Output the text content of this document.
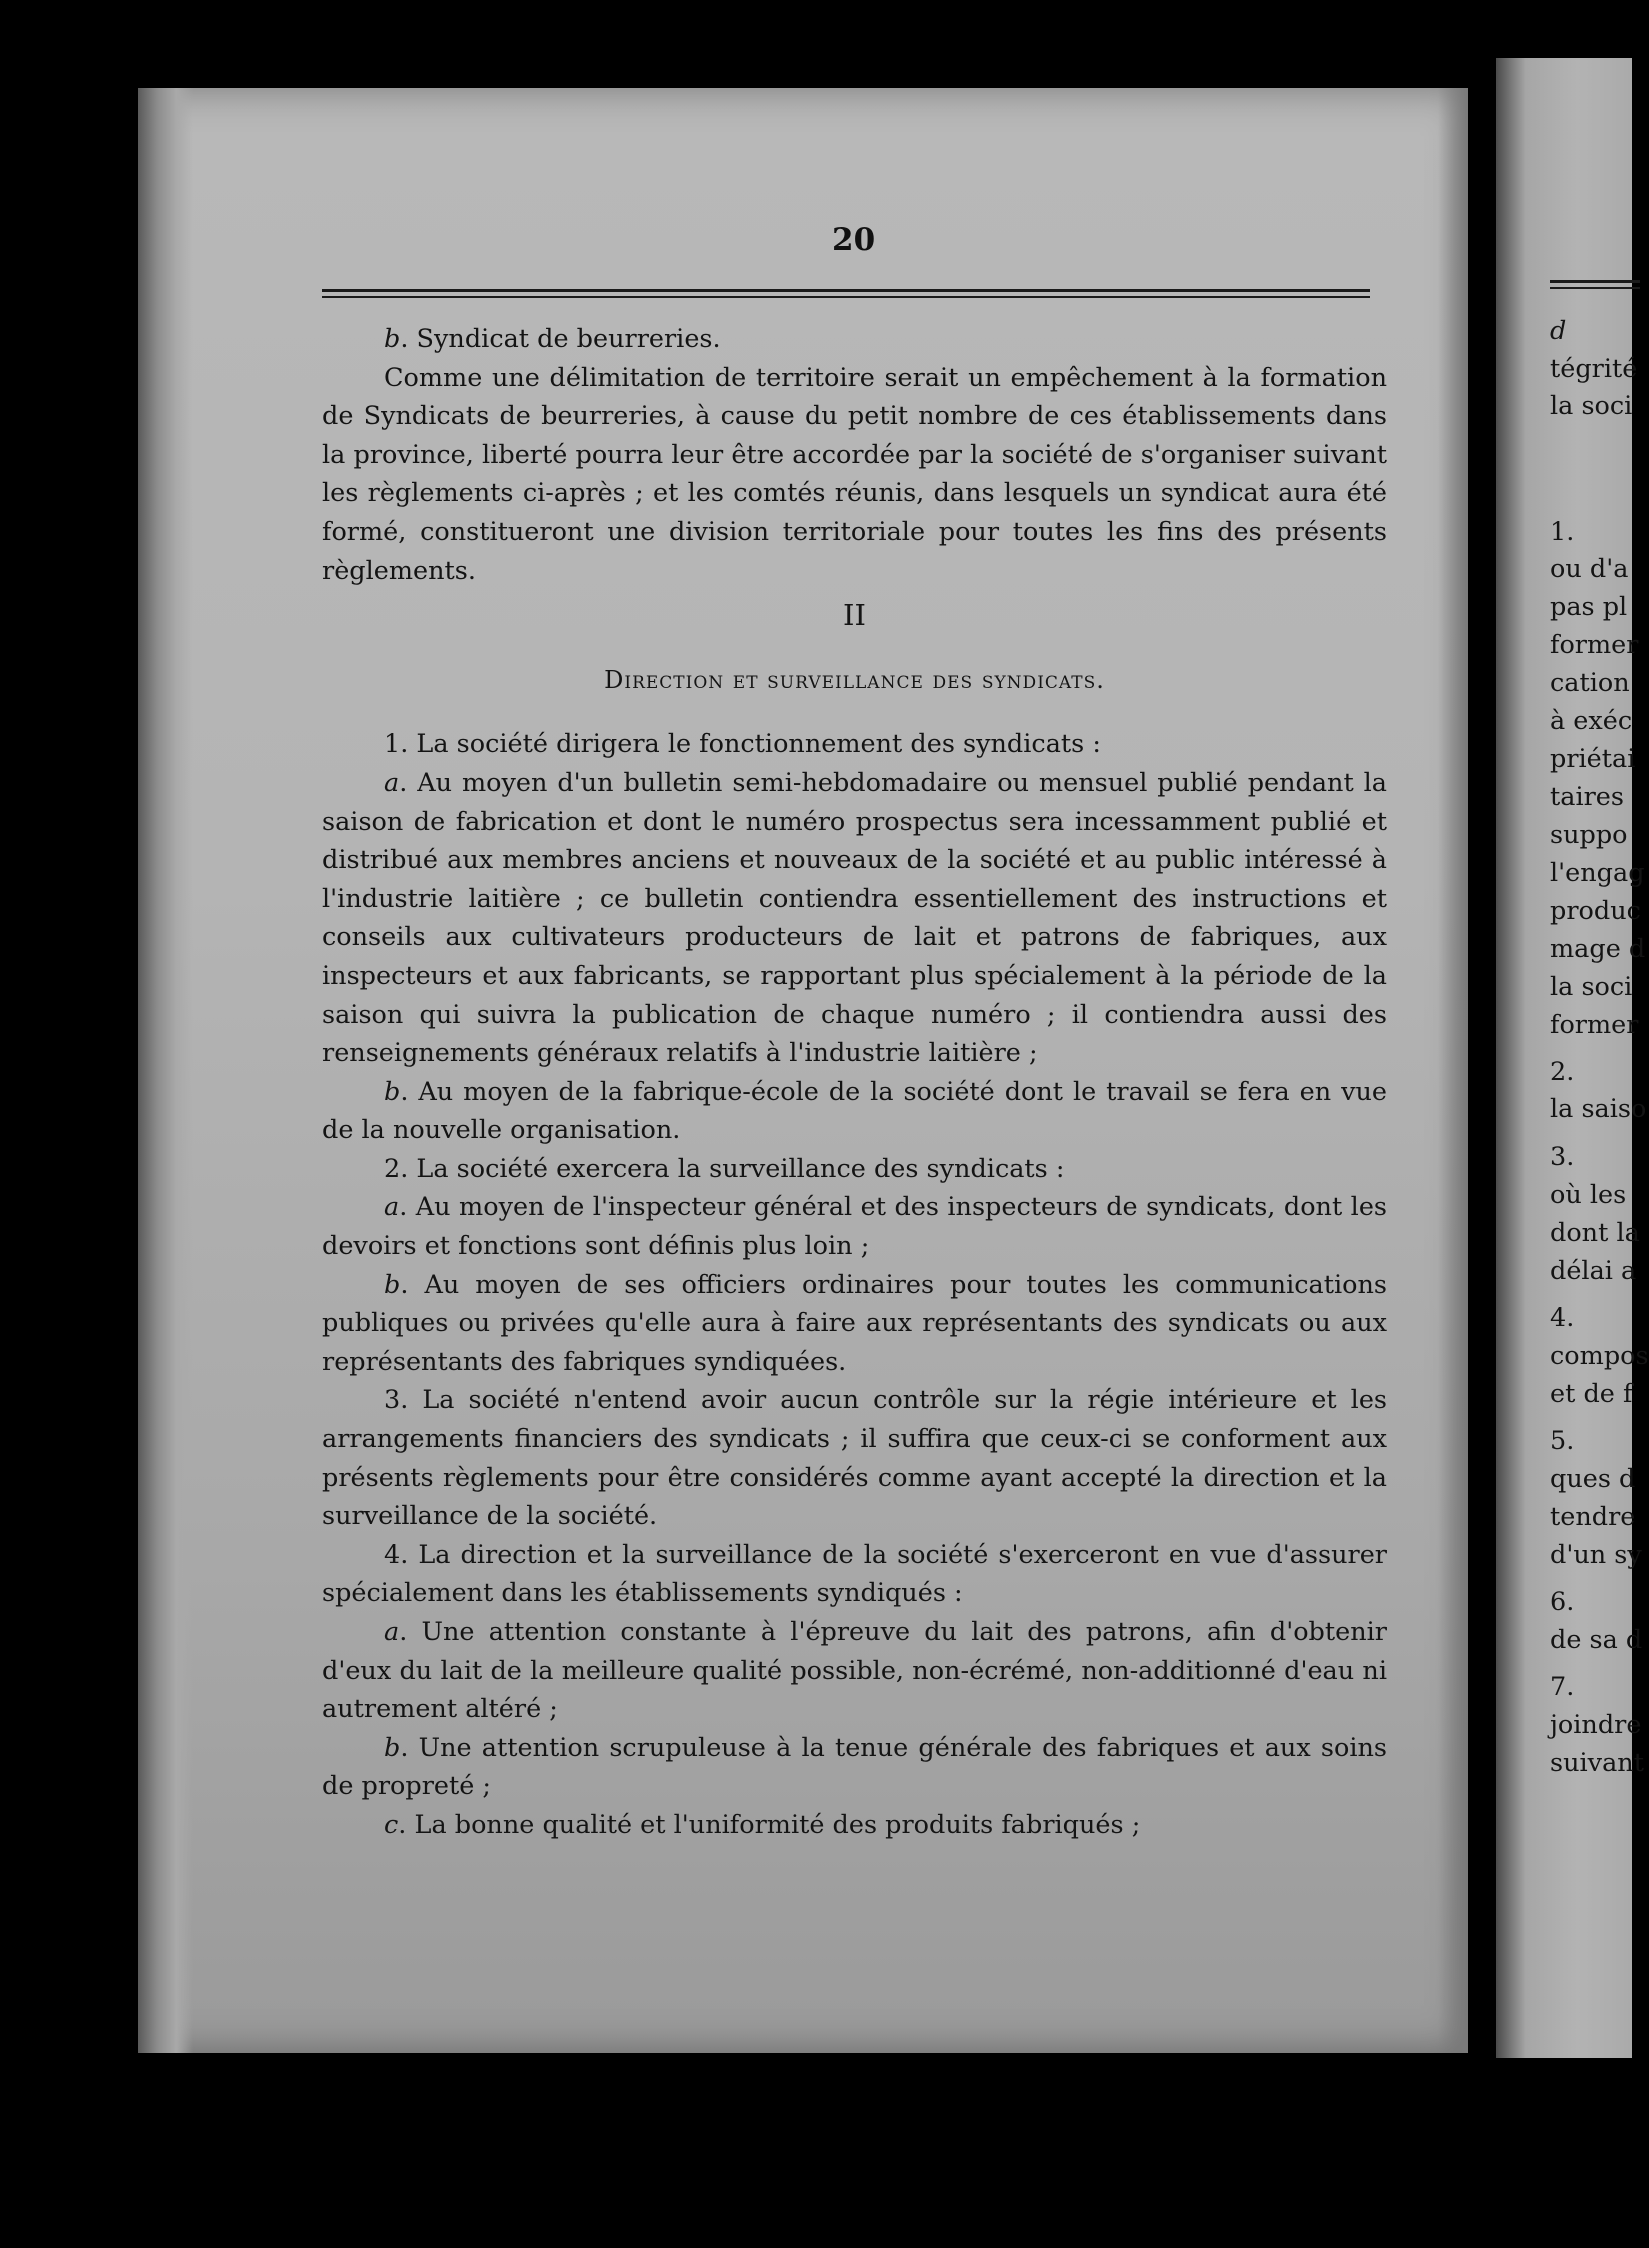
20

b. Syndicat de beurreries.

Comme une délimitation de territoire serait un empêchement à la formation de Syndicats de beurreries, à cause du petit nombre de ces établissements dans la province, liberté pourra leur être accordée par la société de s'organiser suivant les règlements ci-après ; et les comtés réunis, dans lesquels un syndicat aura été formé, constitueront une division territoriale pour toutes les fins des présents règlements.

II

Direction et surveillance des syndicats.

1. La société dirigera le fonctionnement des syndicats :

a. Au moyen d'un bulletin semi-hebdomadaire ou mensuel publié pendant la saison de fabrication et dont le numéro prospectus sera incessamment publié et distribué aux membres anciens et nouveaux de la société et au public intéressé à l'industrie laitière ; ce bulletin contiendra essentiellement des instructions et conseils aux cultivateurs producteurs de lait et patrons de fabriques, aux inspecteurs et aux fabricants, se rapportant plus spécialement à la période de la saison qui suivra la publication de chaque numéro ; il contiendra aussi des renseignements généraux relatifs à l'industrie laitière ;

b. Au moyen de la fabrique-école de la société dont le travail se fera en vue de la nouvelle organisation.

2. La société exercera la surveillance des syndicats :

a. Au moyen de l'inspecteur général et des inspecteurs de syndicats, dont les devoirs et fonctions sont définis plus loin ;

b. Au moyen de ses officiers ordinaires pour toutes les communications publiques ou privées qu'elle aura à faire aux représentants des syndicats ou aux représentants des fabriques syndiquées.

3. La société n'entend avoir aucun contrôle sur la régie intérieure et les arrangements financiers des syndicats ; il suffira que ceux-ci se conforment aux présents règlements pour être considérés comme ayant accepté la direction et la surveillance de la société.

4. La direction et la surveillance de la société s'exerceront en vue d'assurer spécialement dans les établissements syndiqués :

a. Une attention constante à l'épreuve du lait des patrons, afin d'obtenir d'eux du lait de la meilleure qualité possible, non-écrémé, non-additionné d'eau ni autrement altéré ;

b. Une attention scrupuleuse à la tenue générale des fabriques et aux soins de propreté ;

c. La bonne qualité et l'uniformité des produits fabriqués ;

d
tégrité
la soci
1.
ou d'a
pas pl
former
cation
à exéc
priétai
taires
suppo
l'engag
produc
mage d
la soci
former
2.
la saiso
3.
où les
dont la
délai a
4.
compos
et de f
5.
ques d
tendre
d'un sy
6.
de sa d
7.
joindre
suivant
